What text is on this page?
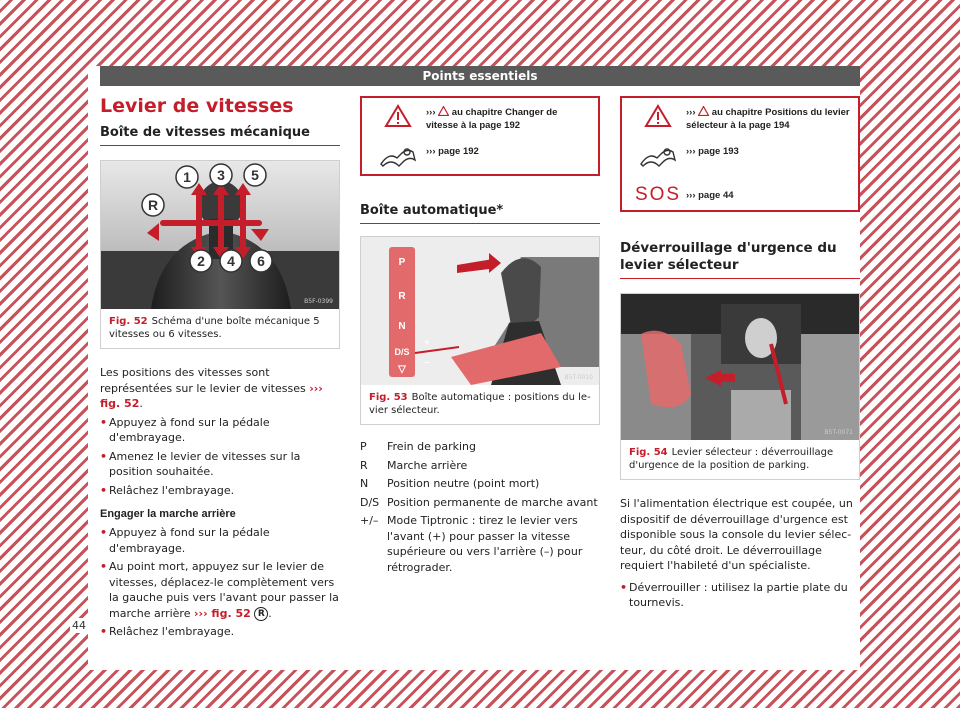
Points essentiels
44
Levier de vitesses
Boîte de vitesses mécanique
1 3 5
R
2 4 6
B5F-0399
Fig. 52 Schéma d'une boîte mécanique 5 vitesses ou 6 vitesses.

Les positions des vitesses sont représentées sur le levier de vitesses ››› fig. 52.

• Appuyez à fond sur la pédale d'embrayage.
• Amenez le levier de vitesses sur la position souhaitée.
• Relâchez l'embrayage.
Engager la marche arrière
• Appuyez à fond sur la pédale d'embrayage.
• Au point mort, appuyez sur le levier de vitesses, déplacez-le complètement vers la gauche puis vers l'avant pour passer la marche arrière ››› fig. 52 R .
• Relâchez l'embrayage.
››› au chapitre Changer de vitesse à la page 192
››› page 192
Boîte automatique*
P
R
N
D/S
▽
+
–
B5T-0010
Fig. 53 Boîte automatique : positions du levier sélecteur.
P	Frein de parking
R	Marche arrière
N	Position neutre (point mort)
D/S Position permanente de marche avant
+/– Mode Tiptronic : tirez le levier vers l'avant (+) pour passer la vitesse supérieure ou vers l'arrière (–) pour rétrograder.
››› au chapitre Positions du levier sélecteur à la page 194
››› page 193
SOS ››› page 44
Déverrouillage d'urgence du levier sélecteur
B5T-0071
Fig. 54 Levier sélecteur : déverrouillage d'urgence de la position de parking.

Si l'alimentation électrique est coupée, un dispositif de déverrouillage d'urgence est disponible sous la console du levier sélecteur, du côté droit. Le déverrouillage requiert l'habileté d'un spécialiste.

• Déverrouiller : utilisez la partie plate du tournevis.
